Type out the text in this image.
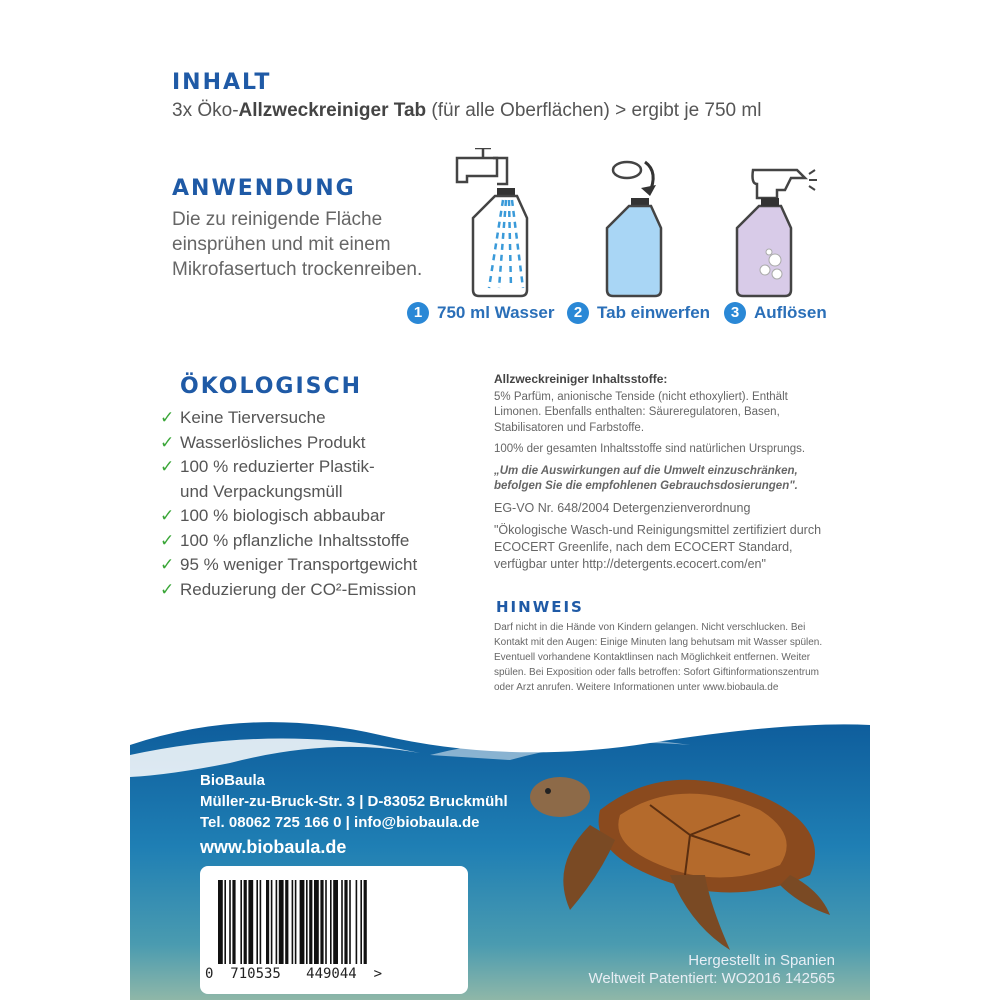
INHALT
3x Öko-Allzweckreiniger Tab (für alle Oberflächen) > ergibt je 750 ml
ANWENDUNG
Die zu reinigende Fläche
einsprühen und mit einem
Mikrofasertuch trockenreiben.
1 750 ml Wasser	2 Tab einwerfen	3 Auflösen
ÖKOLOGISCH
✓ Keine Tierversuche
✓ Wasserlösliches Produkt
✓ 100 % reduzierter Plastik-
und Verpackungsmüll
✓ 100 % biologisch abbaubar
✓ 100 % pflanzliche Inhaltsstoffe
✓ 95 % weniger Transportgewicht
✓ Reduzierung der CO²-Emission

Allzweckreiniger Inhaltsstoffe:

5% Parfüm, anionische Tenside (nicht ethoxyliert). Enthält Limonen. Ebenfalls enthalten: Säureregulatoren, Basen, Stabilisatoren und Farbstoffe.

100% der gesamten Inhaltsstoffe sind natürlichen Ursprungs.

„Um die Auswirkungen auf die Umwelt einzuschränken, befolgen Sie die empfohlenen Gebrauchsdosierungen".

EG-VO Nr. 648/2004 Detergenzienverordnung

"Ökologische Wasch-und Reinigungsmittel zertifiziert durch ECOCERT Greenlife, nach dem ECOCERT Standard, verfügbar unter http://detergents.ecocert.com/en"

HINWEIS
Darf nicht in die Hände von Kindern gelangen. Nicht verschlucken. Bei Kontakt mit den Augen: Einige Minuten lang behutsam mit Wasser spülen. Eventuell vorhandene Kontaktlinsen nach Möglichkeit entfernen. Weiter spülen. Bei Exposition oder falls betroffen: Sofort Giftinformationszentrum oder Arzt anrufen. Weitere Informationen unter www.biobaula.de
BioBaula
Müller-zu-Bruck-Str. 3 | D-83052 Bruckmühl
Tel. 08062 725 166 0 | info@biobaula.de
www.biobaula.de
0  710535   449044  >
Hergestellt in Spanien
Weltweit Patentiert: WO2016 142565
